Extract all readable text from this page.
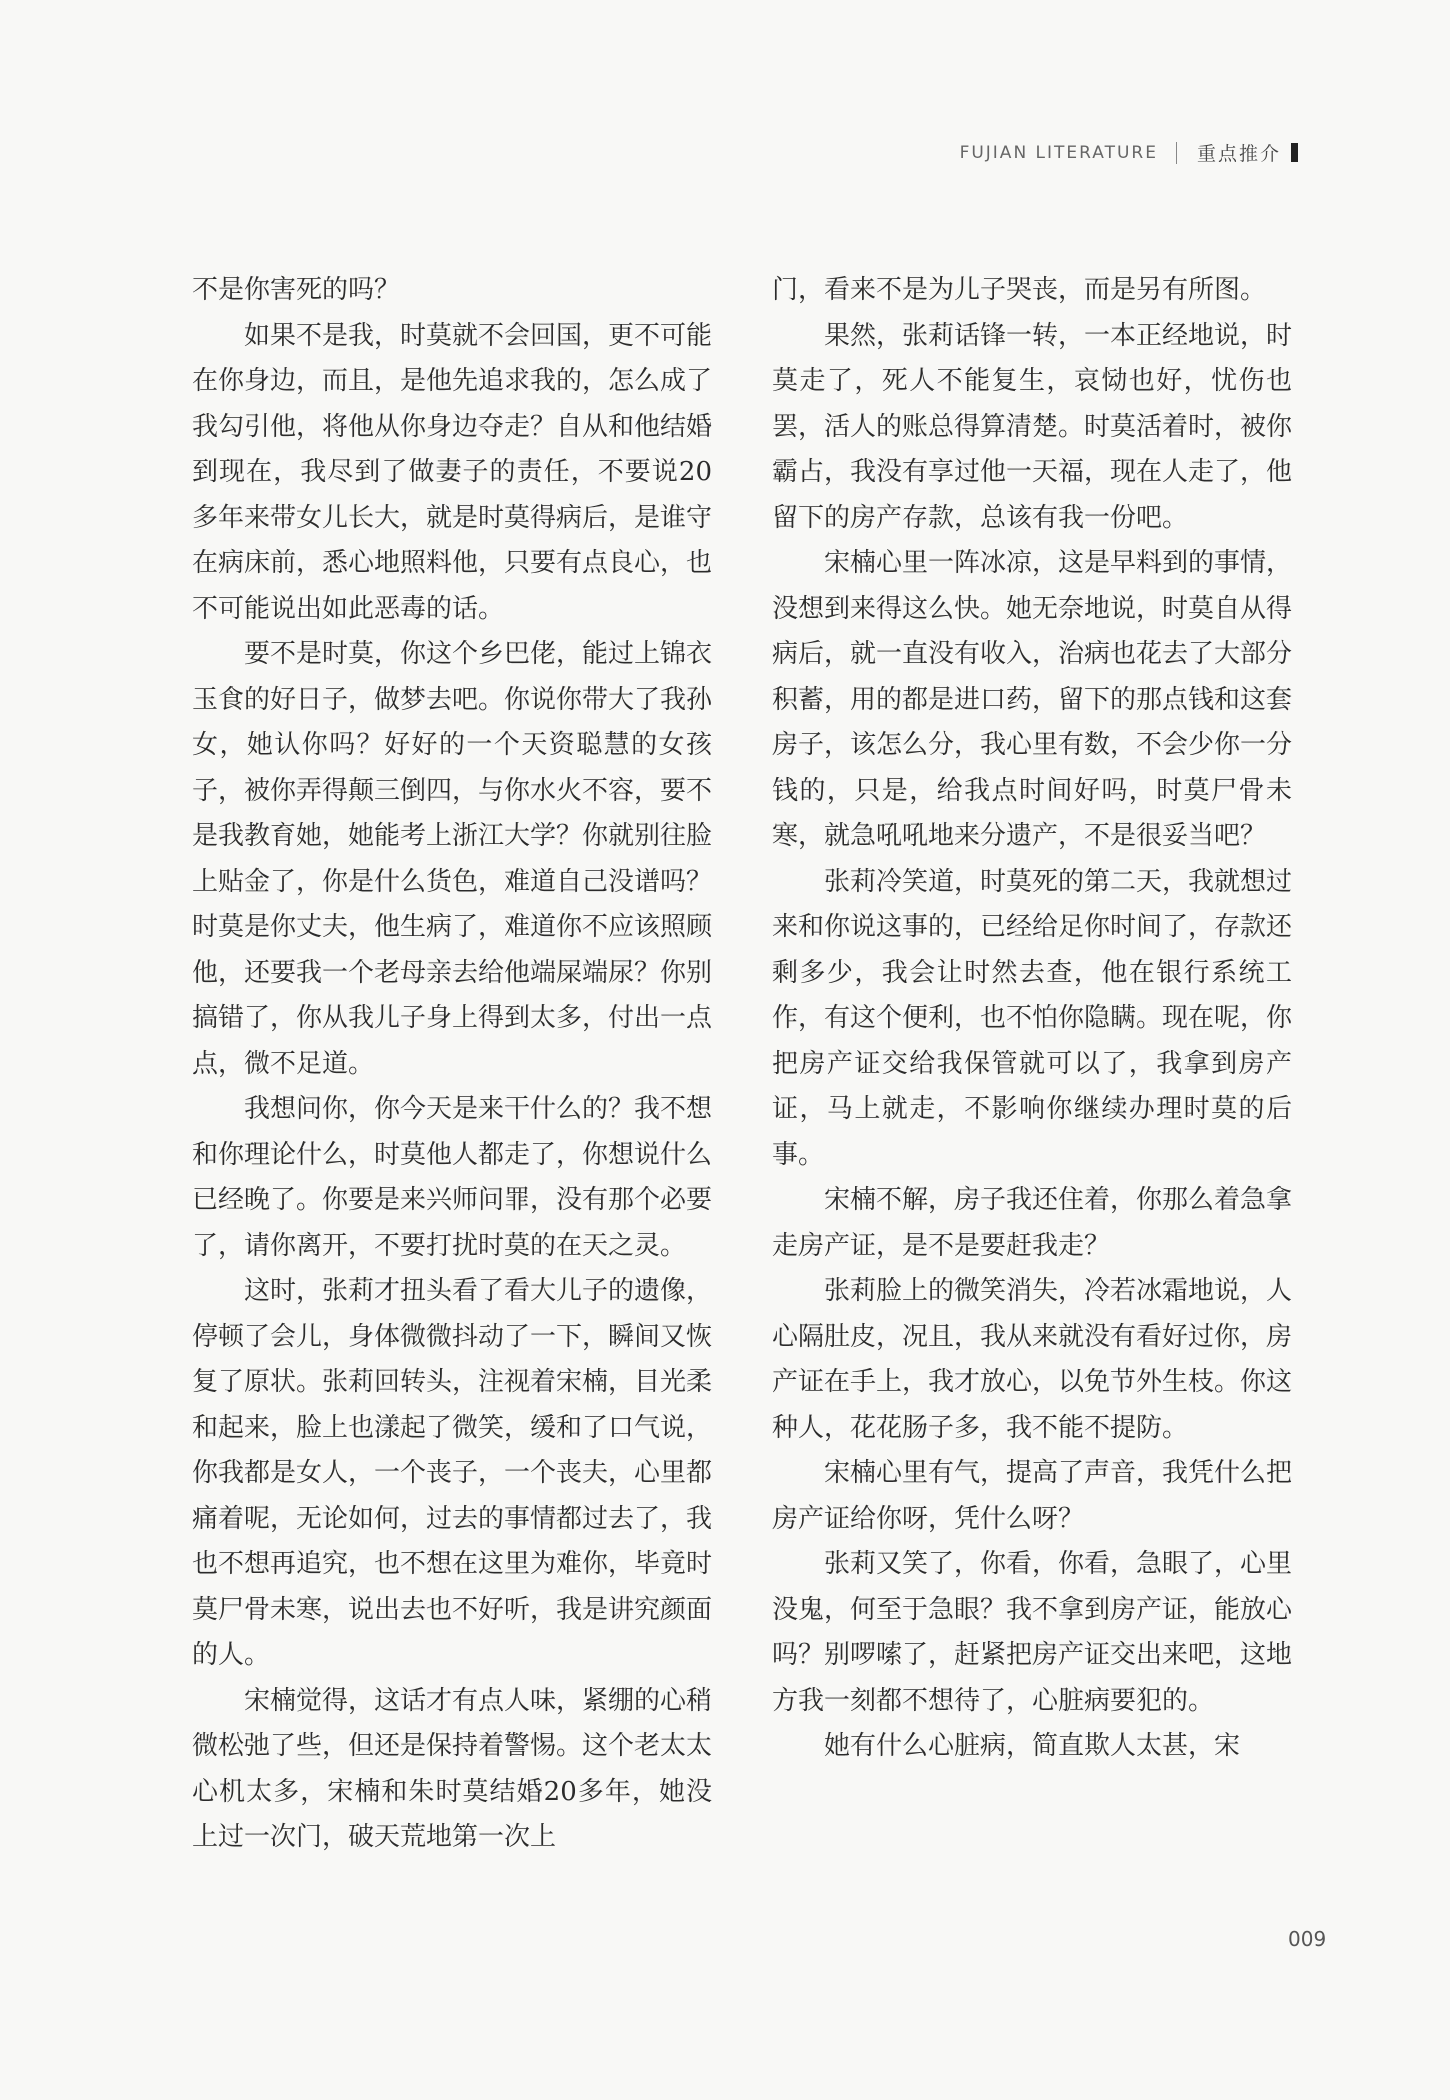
FUJIAN LITERATURE 重点推介

不是你害死的吗？

如果不是我，时莫就不会回国，更不可能在你身边，而且，是他先追求我的，怎么成了我勾引他，将他从你身边夺走？自从和他结婚到现在，我尽到了做妻子的责任，不要说20多年来带女儿长大，就是时莫得病后，是谁守在病床前，悉心地照料他，只要有点良心，也不可能说出如此恶毒的话。

要不是时莫，你这个乡巴佬，能过上锦衣玉食的好日子，做梦去吧。你说你带大了我孙女，她认你吗？好好的一个天资聪慧的女孩子，被你弄得颠三倒四，与你水火不容，要不是我教育她，她能考上浙江大学？你就别往脸上贴金了，你是什么货色，难道自己没谱吗？时莫是你丈夫，他生病了，难道你不应该照顾他，还要我一个老母亲去给他端屎端尿？你别搞错了，你从我儿子身上得到太多，付出一点点，微不足道。

我想问你，你今天是来干什么的？我不想和你理论什么，时莫他人都走了，你想说什么已经晚了。你要是来兴师问罪，没有那个必要了，请你离开，不要打扰时莫的在天之灵。

这时，张莉才扭头看了看大儿子的遗像，停顿了会儿，身体微微抖动了一下，瞬间又恢复了原状。张莉回转头，注视着宋楠，目光柔和起来，脸上也漾起了微笑，缓和了口气说，你我都是女人，一个丧子，一个丧夫，心里都痛着呢，无论如何，过去的事情都过去了，我也不想再追究，也不想在这里为难你，毕竟时莫尸骨未寒，说出去也不好听，我是讲究颜面的人。

宋楠觉得，这话才有点人味，紧绷的心稍微松弛了些，但还是保持着警惕。这个老太太心机太多，宋楠和朱时莫结婚20多年，她没上过一次门，破天荒地第一次上

门，看来不是为儿子哭丧，而是另有所图。

果然，张莉话锋一转，一本正经地说，时莫走了，死人不能复生，哀恸也好，忧伤也罢，活人的账总得算清楚。时莫活着时，被你霸占，我没有享过他一天福，现在人走了，他留下的房产存款，总该有我一份吧。

宋楠心里一阵冰凉，这是早料到的事情，没想到来得这么快。她无奈地说，时莫自从得病后，就一直没有收入，治病也花去了大部分积蓄，用的都是进口药，留下的那点钱和这套房子，该怎么分，我心里有数，不会少你一分钱的，只是，给我点时间好吗，时莫尸骨未寒，就急吼吼地来分遗产，不是很妥当吧？

张莉冷笑道，时莫死的第二天，我就想过来和你说这事的，已经给足你时间了，存款还剩多少，我会让时然去查，他在银行系统工作，有这个便利，也不怕你隐瞒。现在呢，你把房产证交给我保管就可以了，我拿到房产证，马上就走，不影响你继续办理时莫的后事。

宋楠不解，房子我还住着，你那么着急拿走房产证，是不是要赶我走？

张莉脸上的微笑消失，冷若冰霜地说，人心隔肚皮，况且，我从来就没有看好过你，房产证在手上，我才放心，以免节外生枝。你这种人，花花肠子多，我不能不提防。

宋楠心里有气，提高了声音，我凭什么把房产证给你呀，凭什么呀？

张莉又笑了，你看，你看，急眼了，心里没鬼，何至于急眼？我不拿到房产证，能放心吗？别啰嗦了，赶紧把房产证交出来吧，这地方我一刻都不想待了，心脏病要犯的。

她有什么心脏病，简直欺人太甚，宋

009
